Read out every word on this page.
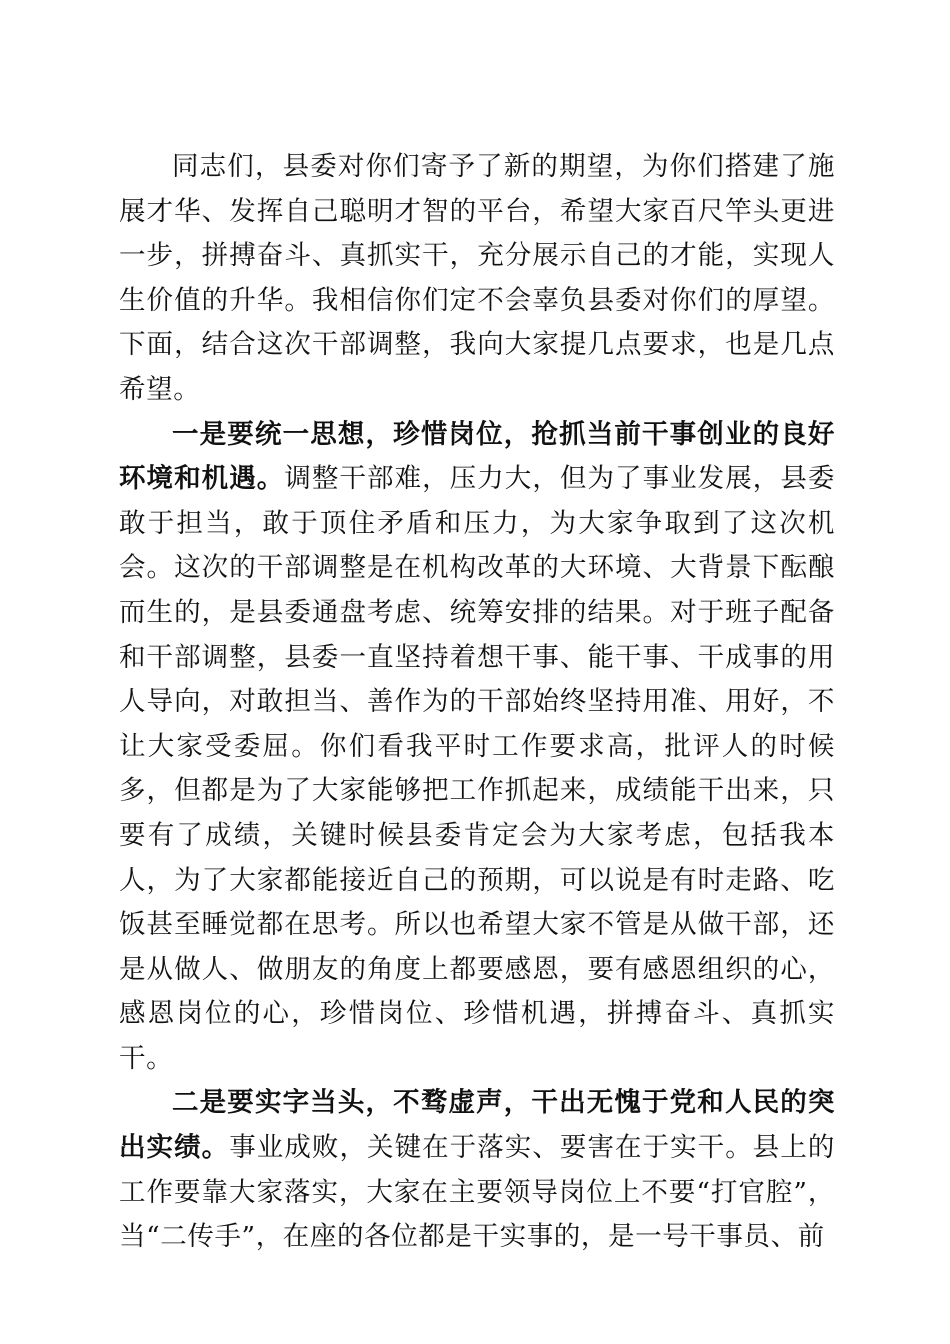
同志们，县委对你们寄予了新的期望，为你们搭建了施展才华、发挥自己聪明才智的平台，希望大家百尺竿头更进一步，拼搏奋斗、真抓实干，充分展示自己的才能，实现人生价值的升华。我相信你们定不会辜负县委对你们的厚望。下面，结合这次干部调整，我向大家提几点要求，也是几点希望。

一是要统一思想，珍惜岗位，抢抓当前干事创业的良好环境和机遇。调整干部难，压力大，但为了事业发展，县委敢于担当，敢于顶住矛盾和压力，为大家争取到了这次机会。这次的干部调整是在机构改革的大环境、大背景下酝酿而生的，是县委通盘考虑、统筹安排的结果。对于班子配备和干部调整，县委一直坚持着想干事、能干事、干成事的用人导向，对敢担当、善作为的干部始终坚持用准、用好，不让大家受委屈。你们看我平时工作要求高，批评人的时候多，但都是为了大家能够把工作抓起来，成绩能干出来，只要有了成绩，关键时候县委肯定会为大家考虑，包括我本人，为了大家都能接近自己的预期，可以说是有时走路、吃饭甚至睡觉都在思考。所以也希望大家不管是从做干部，还是从做人、做朋友的角度上都要感恩，要有感恩组织的心，感恩岗位的心，珍惜岗位、珍惜机遇，拼搏奋斗、真抓实干。

二是要实字当头，不骛虚声，干出无愧于党和人民的突出实绩。事业成败，关键在于落实、要害在于实干。县上的工作要靠大家落实，大家在主要领导岗位上不要“打官腔”，当“二传手”，在座的各位都是干实事的，是一号干事员、前
